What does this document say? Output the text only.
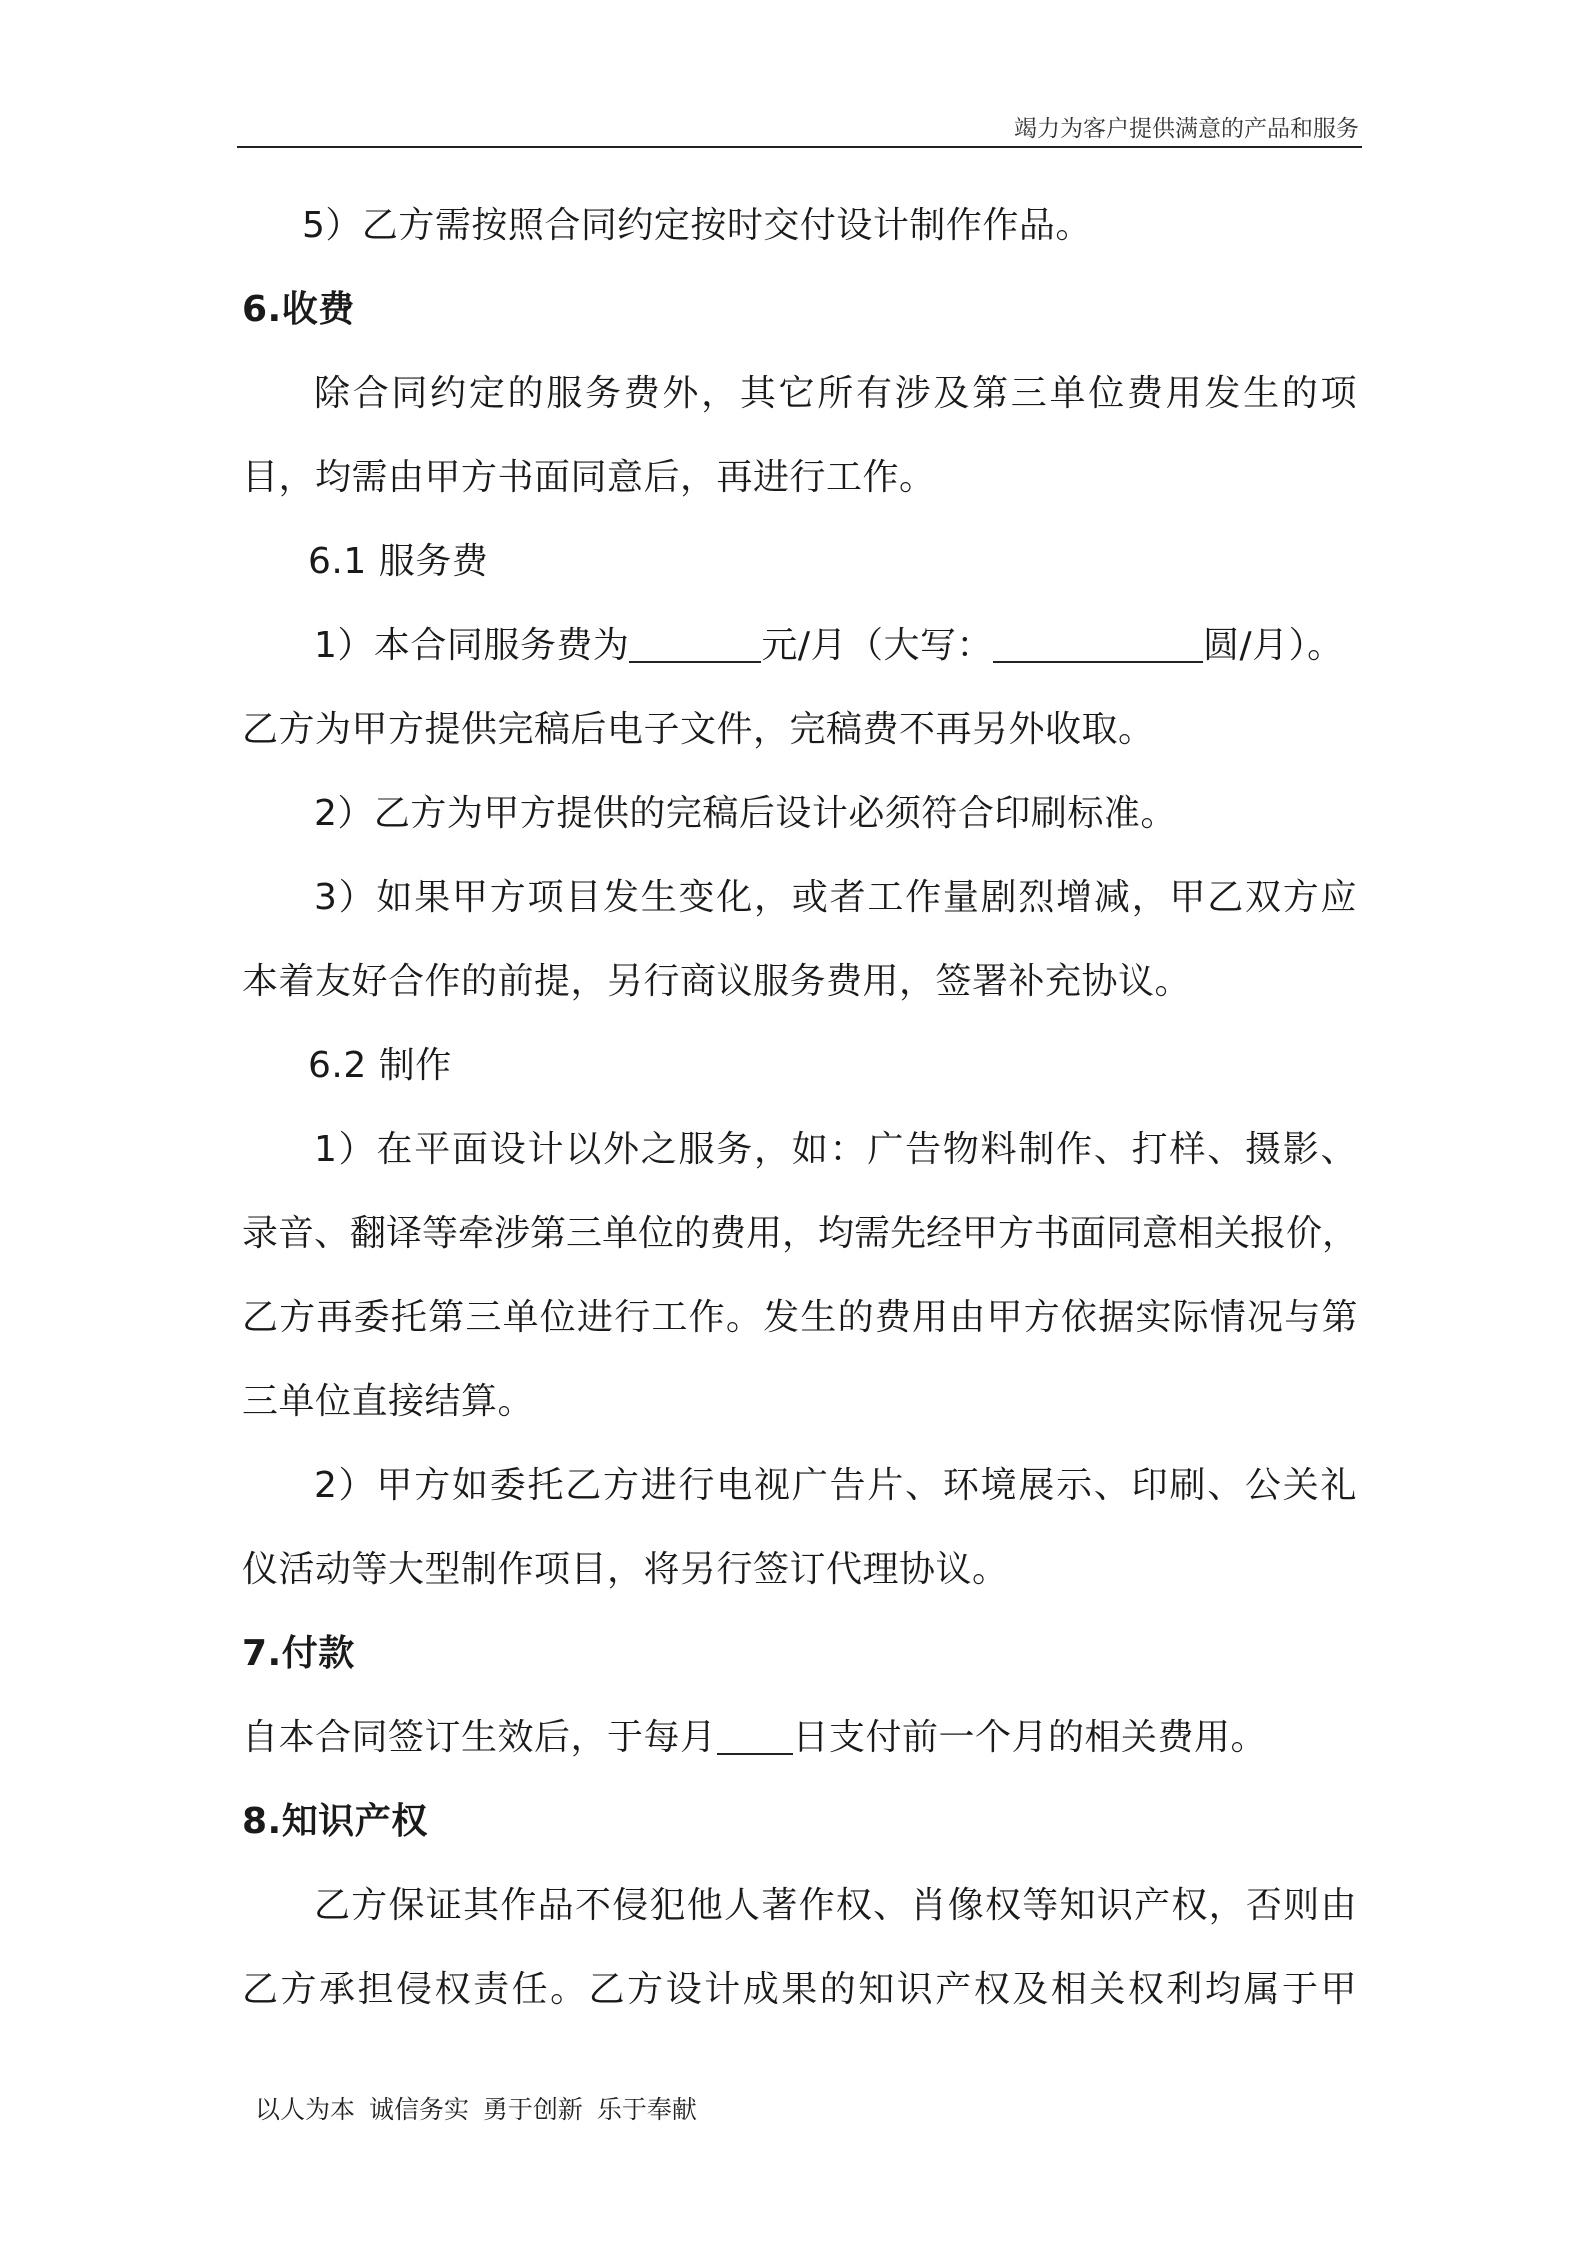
竭力为客户提供满意的产品和服务
5）乙方需按照合同约定按时交付设计制作作品。
6.收费
除合同约定的服务费外，其它所有涉及第三单位费用发生的项
目，均需由甲方书面同意后，再进行工作。
6.1 服务费
1）本合同服务费为	元/月（大写：	圆/月）。
乙方为甲方提供完稿后电子文件，完稿费不再另外收取。
2）乙方为甲方提供的完稿后设计必须符合印刷标准。
3）如果甲方项目发生变化，或者工作量剧烈增减，甲乙双方应
本着友好合作的前提，另行商议服务费用，签署补充协议。
6.2 制作
1）在平面设计以外之服务，如：广告物料制作、打样、摄影、
录音、翻译等牵涉第三单位的费用，均需先经甲方书面同意相关报价，
乙方再委托第三单位进行工作。发生的费用由甲方依据实际情况与第
三单位直接结算。
2）甲方如委托乙方进行电视广告片、环境展示、印刷、公关礼
仪活动等大型制作项目，将另行签订代理协议。
7.付款
自本合同签订生效后，于每月 日支付前一个月的相关费用。
8.知识产权
乙方保证其作品不侵犯他人著作权、肖像权等知识产权，否则由
乙方承担侵权责任。乙方设计成果的知识产权及相关权利均属于甲
以人为本 诚信务实 勇于创新 乐于奉献
